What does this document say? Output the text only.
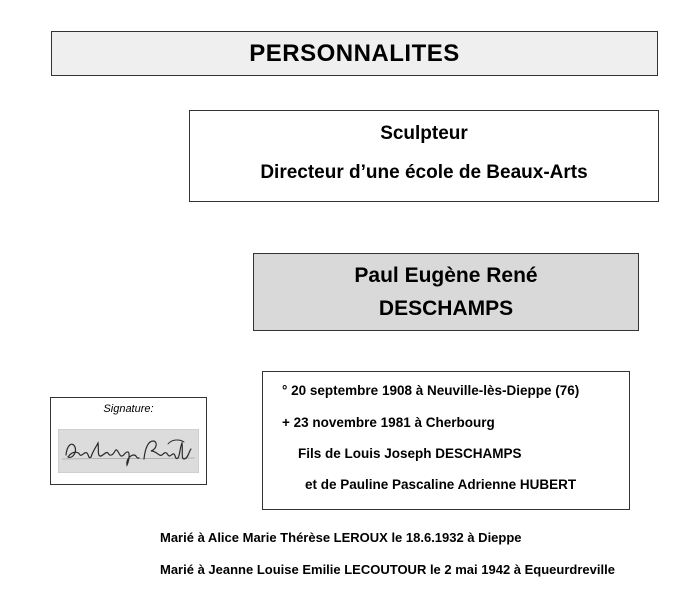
PERSONNALITES
Sculpteur
Directeur d’une école de Beaux-Arts
Paul Eugène René
DESCHAMPS
Signature:
° 20 septembre 1908 à Neuville-lès-Dieppe (76)
+ 23 novembre 1981 à Cherbourg
Fils de Louis Joseph DESCHAMPS
et de Pauline Pascaline Adrienne HUBERT
Marié à Alice Marie Thérèse LEROUX le 18.6.1932 à Dieppe
Marié à Jeanne Louise Emilie LECOUTOUR le 2 mai 1942 à Equeurdreville
